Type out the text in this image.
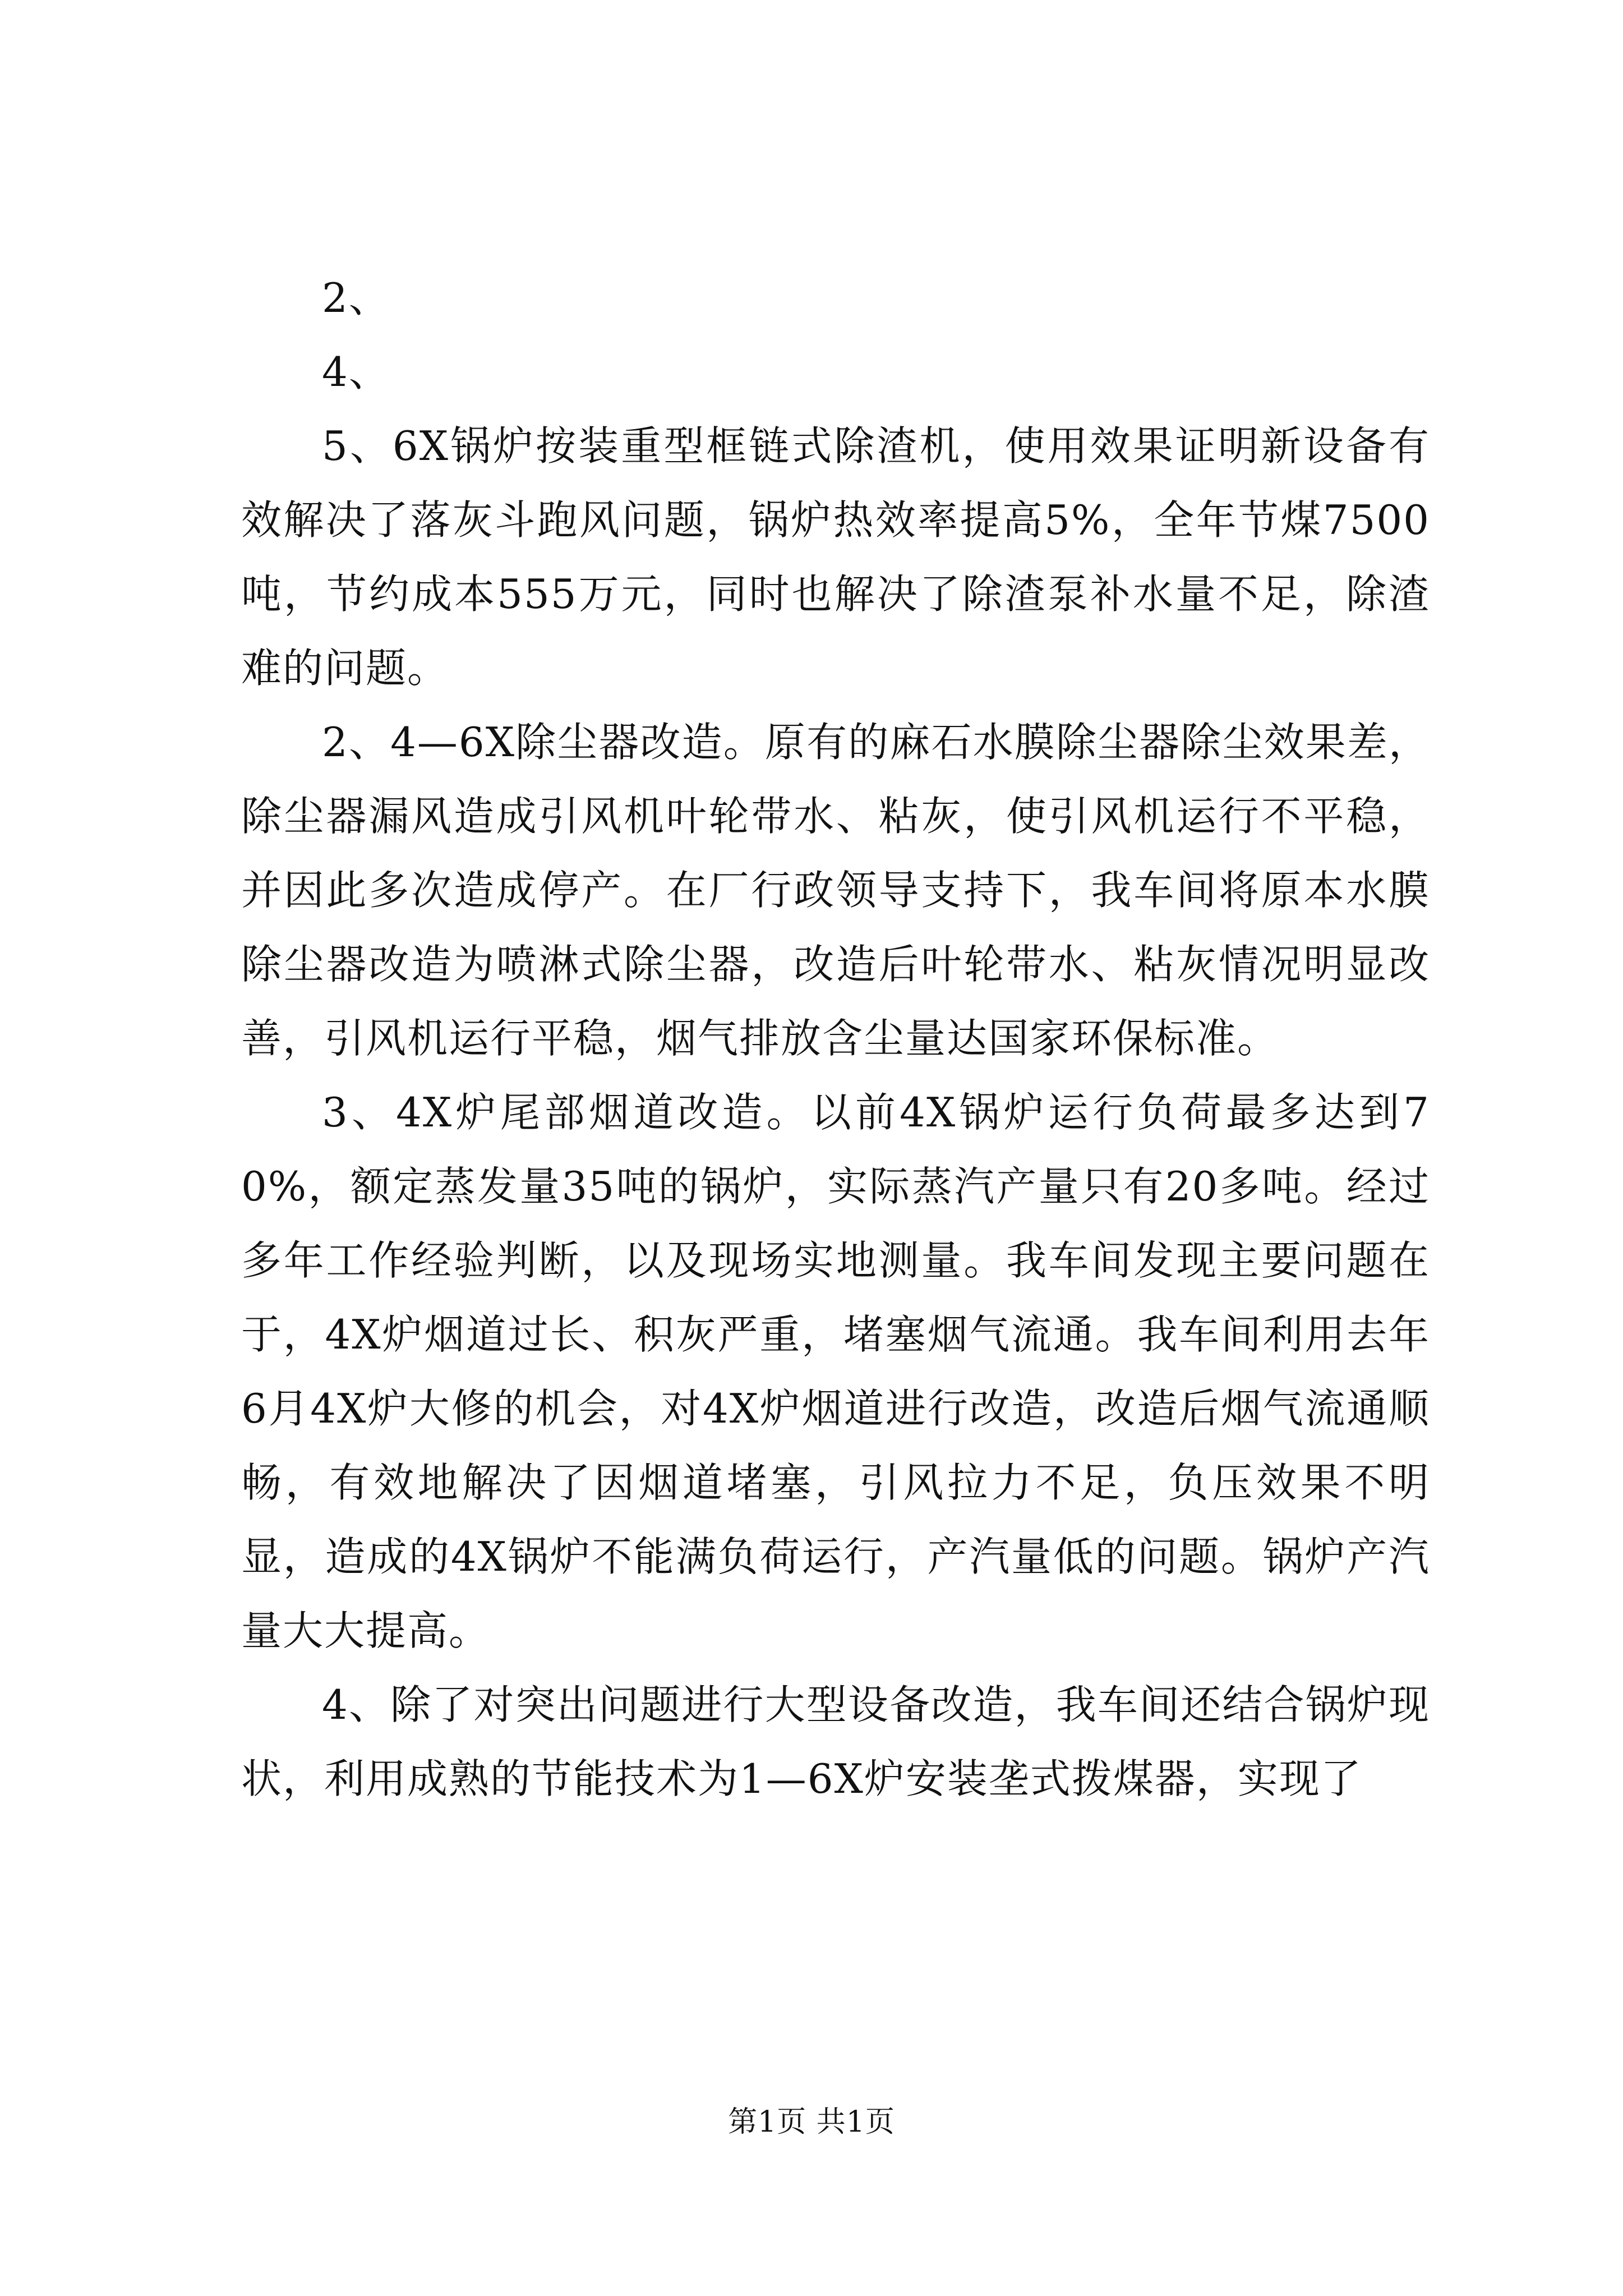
2、

4、

5、6X锅炉按装重型框链式除渣机，使用效果证明新设备有效解决了落灰斗跑风问题，锅炉热效率提高5%，全年节煤7500吨，节约成本555万元，同时也解决了除渣泵补水量不足，除渣难的问题。

2、4—6X除尘器改造。原有的麻石水膜除尘器除尘效果差，除尘器漏风造成引风机叶轮带水、粘灰，使引风机运行不平稳，并因此多次造成停产。在厂行政领导支持下，我车间将原本水膜除尘器改造为喷淋式除尘器，改造后叶轮带水、粘灰情况明显改善，引风机运行平稳，烟气排放含尘量达国家环保标准。

3、4X炉尾部烟道改造。以前4X锅炉运行负荷最多达到70%，额定蒸发量35吨的锅炉，实际蒸汽产量只有20多吨。经过多年工作经验判断，以及现场实地测量。我车间发现主要问题在于，4X炉烟道过长、积灰严重，堵塞烟气流通。我车间利用去年6月4X炉大修的机会，对4X炉烟道进行改造，改造后烟气流通顺畅，有效地解决了因烟道堵塞，引风拉力不足，负压效果不明显，造成的4X锅炉不能满负荷运行，产汽量低的问题。锅炉产汽量大大提高。

4、除了对突出问题进行大型设备改造，我车间还结合锅炉现状，利用成熟的节能技术为1—6X炉安装垄式拨煤器，实现了

第1页 共1页
